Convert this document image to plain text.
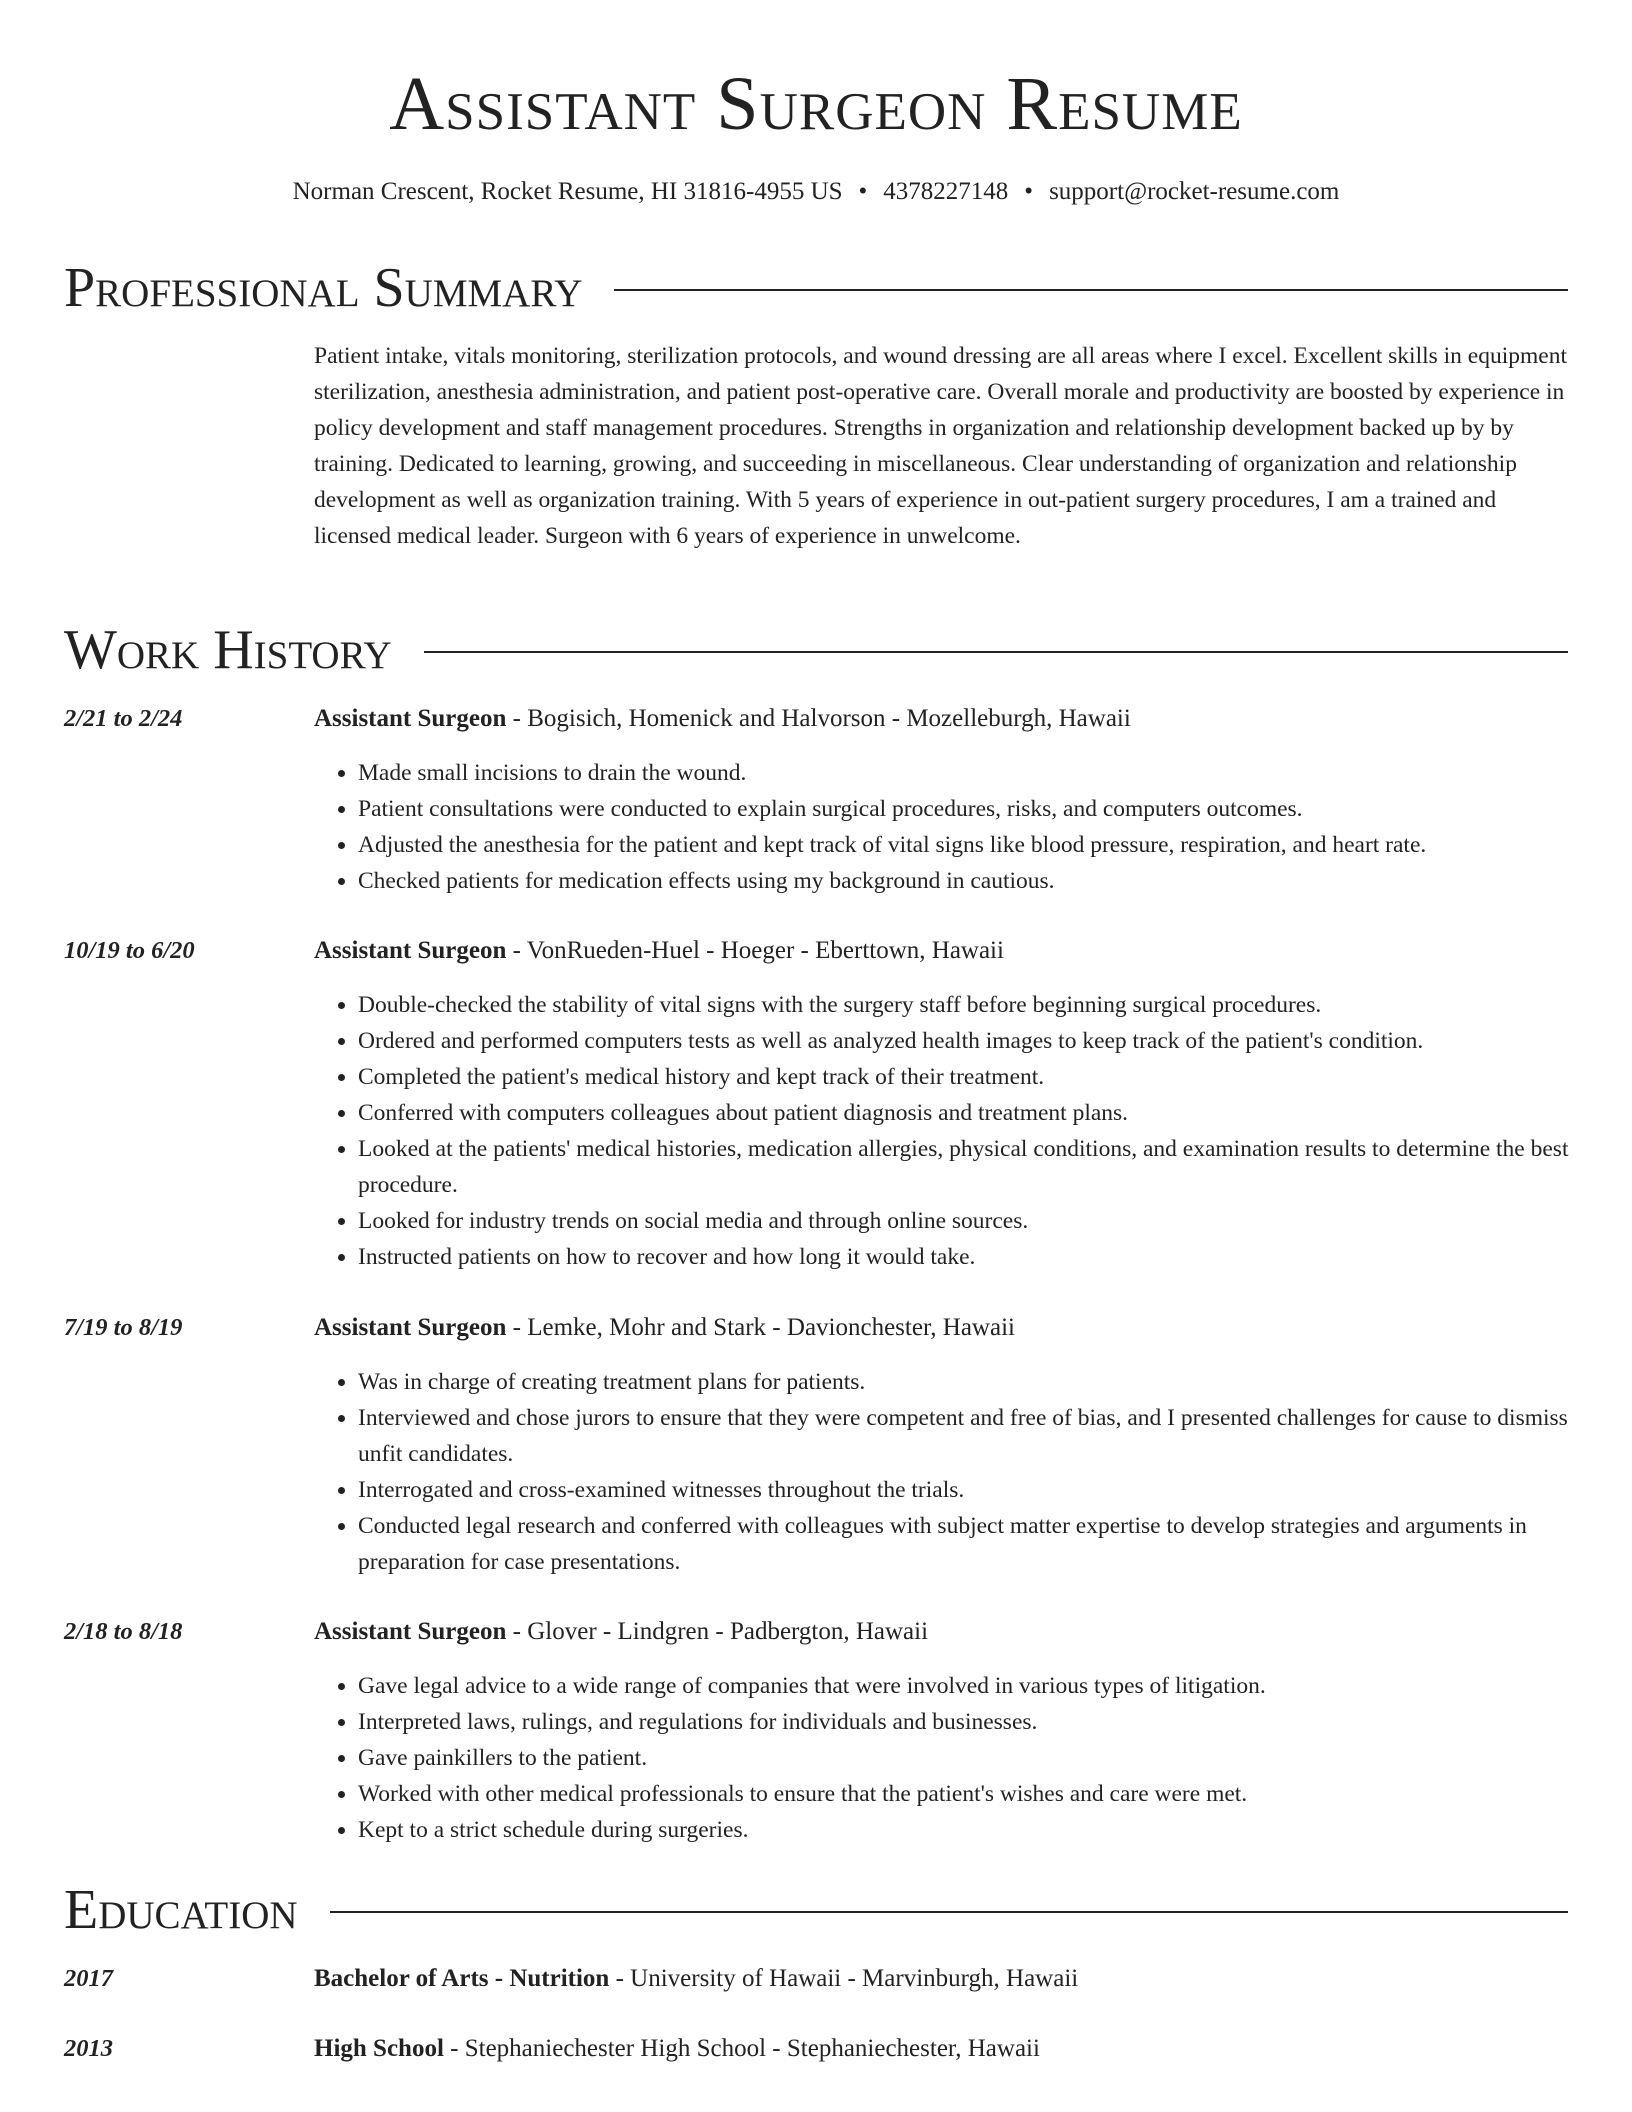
Assistant Surgeon Resume
Norman Crescent, Rocket Resume, HI 31816-4955 US • 4378227148 • support@rocket-resume.com
Professional Summary
Patient intake, vitals monitoring, sterilization protocols, and wound dressing are all areas where I excel. Excellent skills in equipment sterilization, anesthesia administration, and patient post-operative care. Overall morale and productivity are boosted by experience in policy development and staff management procedures. Strengths in organization and relationship development backed up by by training. Dedicated to learning, growing, and succeeding in miscellaneous. Clear understanding of organization and relationship development as well as organization training. With 5 years of experience in out-patient surgery procedures, I am a trained and licensed medical leader. Surgeon with 6 years of experience in unwelcome.
Work History
2/21 to 2/24	Assistant Surgeon - Bogisich, Homenick and Halvorson - Mozelleburgh, Hawaii
• Made small incisions to drain the wound.
• Patient consultations were conducted to explain surgical procedures, risks, and computers outcomes.
• Adjusted the anesthesia for the patient and kept track of vital signs like blood pressure, respiration, and heart rate.
• Checked patients for medication effects using my background in cautious.
10/19 to 6/20	Assistant Surgeon - VonRueden-Huel - Hoeger - Eberttown, Hawaii
• Double-checked the stability of vital signs with the surgery staff before beginning surgical procedures.
• Ordered and performed computers tests as well as analyzed health images to keep track of the patient's condition.
• Completed the patient's medical history and kept track of their treatment.
• Conferred with computers colleagues about patient diagnosis and treatment plans.
• Looked at the patients' medical histories, medication allergies, physical conditions, and examination results to determine the best procedure.
• Looked for industry trends on social media and through online sources.
• Instructed patients on how to recover and how long it would take.
7/19 to 8/19	Assistant Surgeon - Lemke, Mohr and Stark - Davionchester, Hawaii
• Was in charge of creating treatment plans for patients.
• Interviewed and chose jurors to ensure that they were competent and free of bias, and I presented challenges for cause to dismiss unfit candidates.
• Interrogated and cross-examined witnesses throughout the trials.
• Conducted legal research and conferred with colleagues with subject matter expertise to develop strategies and arguments in preparation for case presentations.
2/18 to 8/18	Assistant Surgeon - Glover - Lindgren - Padbergton, Hawaii
• Gave legal advice to a wide range of companies that were involved in various types of litigation.
• Interpreted laws, rulings, and regulations for individuals and businesses.
• Gave painkillers to the patient.
• Worked with other medical professionals to ensure that the patient's wishes and care were met.
• Kept to a strict schedule during surgeries.
Education
2017	Bachelor of Arts - Nutrition - University of Hawaii - Marvinburgh, Hawaii
2013	High School - Stephaniechester High School - Stephaniechester, Hawaii
